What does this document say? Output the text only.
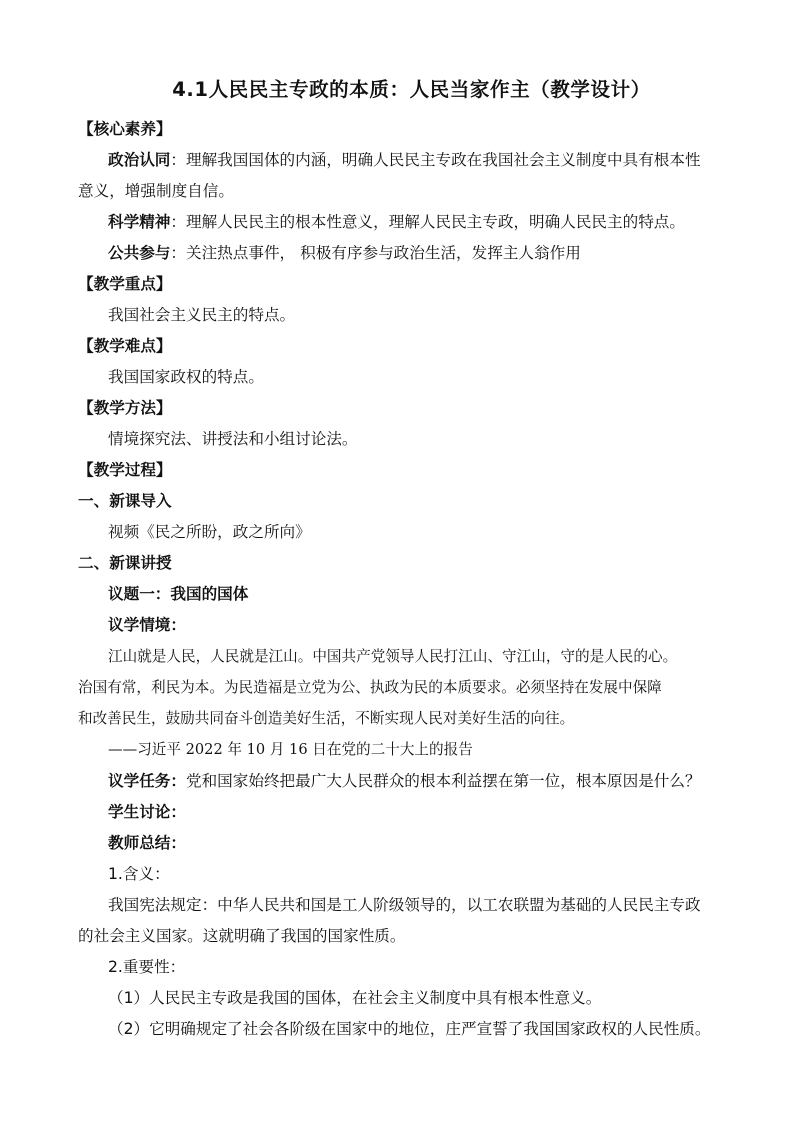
4.1人民民主专政的本质：人民当家作主（教学设计）
【核心素养】
政治认同：理解我国国体的内涵，明确人民民主专政在我国社会主义制度中具有根本性
意义，增强制度自信。
科学精神：理解人民民主的根本性意义，理解人民民主专政，明确人民民主的特点。
公共参与：关注热点事件， 积极有序参与政治生活，发挥主人翁作用
【教学重点】
我国社会主义民主的特点。
【教学难点】
我国国家政权的特点。
【教学方法】
情境探究法、讲授法和小组讨论法。
【教学过程】
一、新课导入
视频《民之所盼，政之所向》
二、新课讲授
议题一：我国的国体
议学情境：
江山就是人民，人民就是江山。中国共产党领导人民打江山、守江山，守的是人民的心。
治国有常，利民为本。为民造福是立党为公、执政为民的本质要求。必须坚持在发展中保障
和改善民生，鼓励共同奋斗创造美好生活，不断实现人民对美好生活的向往。
——习近平 2022 年 10 月 16 日在党的二十大上的报告
议学任务：党和国家始终把最广大人民群众的根本利益摆在第一位，根本原因是什么？
学生讨论：
教师总结：
1.含义：
我国宪法规定：中华人民共和国是工人阶级领导的，以工农联盟为基础的人民民主专政
的社会主义国家。这就明确了我国的国家性质。
2.重要性：
（1）人民民主专政是我国的国体，在社会主义制度中具有根本性意义。
（2）它明确规定了社会各阶级在国家中的地位，庄严宣誓了我国国家政权的人民性质。
